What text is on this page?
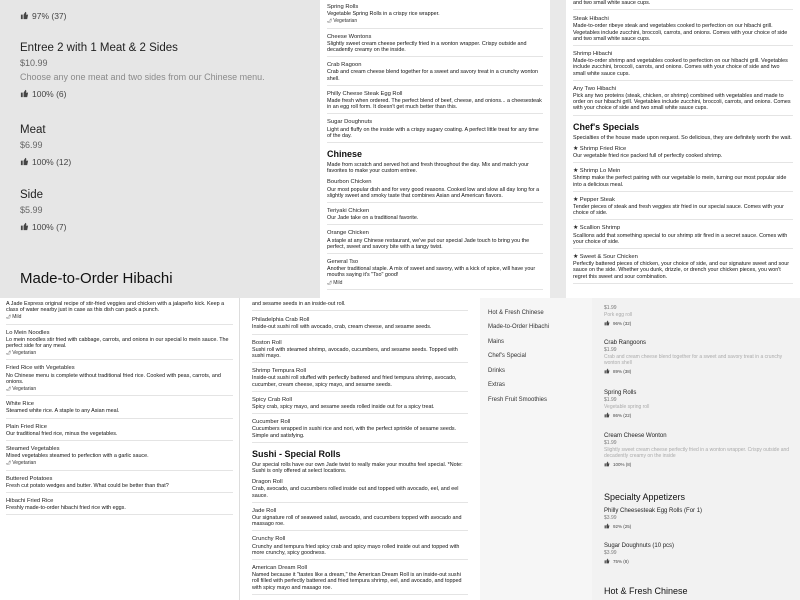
97% (37)
Entree 2 with 1 Meat & 2 Sides
$10.99
Choose any one meat and two sides from our Chinese menu.
100% (6)
Meat
$6.99
100% (12)
Side
$5.99
100% (7)
Made-to-Order Hibachi
Spring Rolls
Vegetable Spring Rolls in a crispy rice wrapper.
🌶 Vegetarian
Cheese Wontons
Slightly sweet cream cheese perfectly fried in a wonton wrapper. Crispy outside and decadently creamy on the inside.
Crab Ragoon
Crab and cream cheese blend together for a sweet and savory treat in a crunchy wonton shell.
Philly Cheese Steak Egg Roll
Made fresh when ordered. The perfect blend of beef, cheese, and onions... a cheesesteak in an egg roll form. It doesn't get much better than this.
Sugar Doughnuts
Light and fluffy on the inside with a crispy sugary coating. A perfect little treat for any time of the day.
Chinese
Made from scratch and served hot and fresh throughout the day. Mix and match your favorites to make your custom entree.
Bourbon Chicken
Our most popular dish and for very good reasons. Cooked low and slow all day long for a slightly sweet and smoky taste that combines Asian and American flavors.
Teriyaki Chicken
Our Jade take on a traditional favorite.
Orange Chicken
A staple at any Chinese restaurant, we've put our special Jade touch to bring you the perfect, sweet and savory bite with a tangy twist.
General Tso
Another traditional staple. A mix of sweet and savory, with a kick of spice, will have your mouths saying it's "Tso" good!
🌶 Mild
and two small white sauce cups.
Steak Hibachi
Made-to-order ribeye steak and vegetables cooked to perfection on our hibachi grill. Vegetables include zucchini, broccoli, carrots, and onions. Comes with your choice of side and two small white sauce cups.
Shrimp Hibachi
Made-to-order shrimp and vegetables cooked to perfection on our hibachi grill. Vegetables include zucchini, broccoli, carrots, and onions. Comes with your choice of side and two small white sauce cups.
Any Two Hibachi
Pick any two proteins (steak, chicken, or shrimp) combined with vegetables and made to order on our hibachi grill. Vegetables include zucchini, broccoli, carrots, and onions. Comes with your choice of side and two small white sauce cups.
Chef's Specials
Specialties of the house made upon request. So delicious, they are definitely worth the wait.
★ Shrimp Fried Rice
Our vegetable fried rice packed full of perfectly cooked shrimp.
★ Shrimp Lo Mein
Shrimp make the perfect pairing with our vegetable lo mein, turning our most popular side into a delicious meal.
★ Pepper Steak
Tender pieces of steak and fresh veggies stir fried in our special sauce. Comes with your choice of side.
★ Scallion Shrimp
Scallions add that something special to our shrimp stir fired in a secret sauce. Comes with your choice of side.
★ Sweet & Sour Chicken
Perfectly battered pieces of chicken, your choice of side, and our signature sweet and sour sauce on the side. Whether you dunk, drizzle, or drench your chicken pieces, you won't regret this sweet and sour combination.
A Jade Express original recipe of stir-fried veggies and chicken with a jalapeño kick. Keep a class of water nearby just in case as this dish can pack a punch.
🌶 Mild
Lo Mein Noodles
Lo mein noodles stir fried with cabbage, carrots, and onions in our special lo mein sauce. The perfect side for any meal.
🌶 Vegetarian
Fried Rice with Vegetables
No Chinese menu is complete without traditional fried rice. Cooked with peas, carrots, and onions.
🌶 Vegetarian
White Rice
Steamed white rice. A staple to any Asian meal.
Plain Fried Rice
Our traditional fried rice, minus the vegetables.
Steamed Vegetables
Mixed vegetables steamed to perfection with a garlic sauce.
🌶 Vegetarian
Buttered Potatoes
Fresh cut potato wedges and butter. What could be better than that?
Hibachi Fried Rice
Freshly made-to-order hibachi fried rice with eggs.
and sesame seeds in an inside-out roll.
Philadelphia Crab Roll
Inside-out sushi roll with avocado, crab, cream cheese, and sesame seeds.
Boston Roll
Sushi roll with steamed shrimp, avocado, cucumbers, and sesame seeds. Topped with sushi mayo.
Shrimp Tempura Roll
Inside-out sushi roll stuffed with perfectly battered and fried tempura shrimp, avocado, cucumber, cream cheese, spicy mayo, and sesame seeds.
Spicy Crab Roll
Spicy crab, spicy mayo, and sesame seeds rolled inside out for a spicy treat.
Cucumber Roll
Cucumbers wrapped in sushi rice and nori, with the perfect sprinkle of sesame seeds. Simple and satisfying.
Sushi - Special Rolls
Our special rolls have our own Jade twist to really make your mouths feel special. *Note: Sushi is only offered at select locations.
Dragon Roll
Crab, avocado, and cucumbers rolled inside out and topped with avocado, eel, and eel sauce.
Jade Roll
Our signature roll of seaweed salad, avocado, and cucumbers topped with avocado and massago roe.
Crunchy Roll
Crunchy and tempura fried spicy crab and spicy mayo rolled inside out and topped with more crunchy, spicy goodness.
American Dream Roll
Named because it "tastes like a dream," the American Dream Roll is an inside-out sushi roll filled with perfectly battered and fried tempura shrimp, eel, and avocado, and topped with spicy mayo and masago roe.
Hot & Fresh Chinese
Made-to-Order Hibachi
Mains
Chef's Special
Drinks
Extras
Fresh Fruit Smoothies
$1.99
Pork egg roll
96% (32)
Crab Rangoons
$1.99
Crab and cream cheese blend together for a sweet and savory treat in a crunchy wonton shell
89% (38)
Spring Rolls
$1.99
Vegetable spring roll
86% (22)
Cream Cheese Wonton
$1.99
Slightly sweet cream cheese perfectly fried in a wonton wrapper. Crispy outside and decadently creamy on the inside
100% (8)
Specialty Appetizers
Philly Cheesesteak Egg Rolls (For 1)
$3.99
92% (25)
Sugar Doughnuts (10 pcs)
$3.99
75% (8)
Hot & Fresh Chinese
